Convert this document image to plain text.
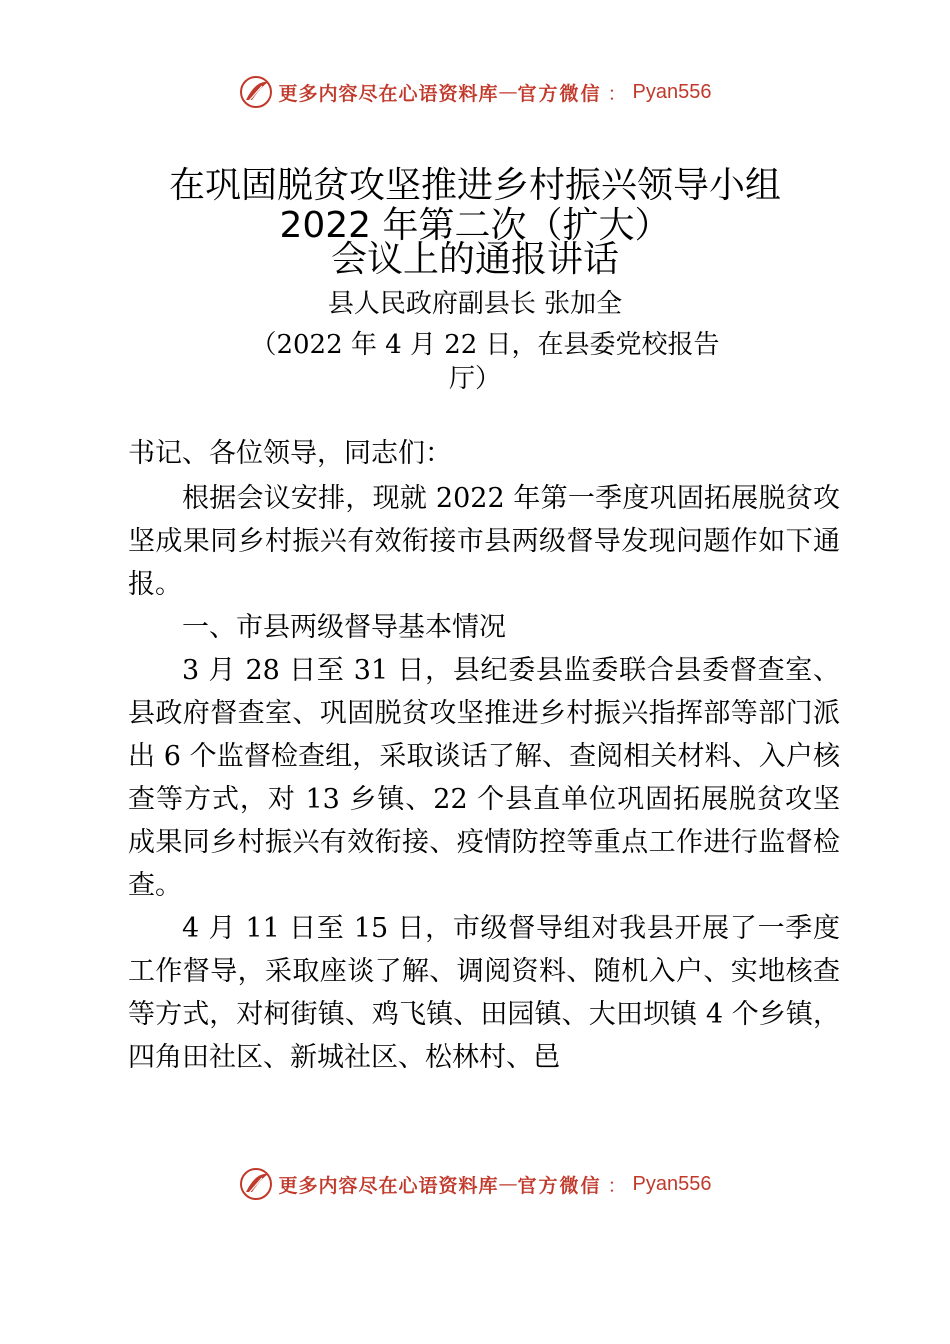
更多内容尽在心语资料库 — 官方微信 ： Pyan556
在巩固脱贫攻坚推进乡村振兴领导小组
2022 年第二次（扩大）
会议上的通报讲话
县人民政府副县长 张加全
（2022 年 4 月 22 日，在县委党校报告
厅）

书记、各位领导，同志们：

根据会议安排，现就 2022 年第一季度巩固拓展脱贫攻坚成果同乡村振兴有效衔接市县两级督导发现问题作如下通报。

一、市县两级督导基本情况

3 月 28 日至 31 日，县纪委县监委联合县委督查室、县政府督查室、巩固脱贫攻坚推进乡村振兴指挥部等部门派出 6 个监督检查组，采取谈话了解、查阅相关材料、入户核查等方式，对 13 乡镇、22 个县直单位巩固拓展脱贫攻坚成果同乡村振兴有效衔接、疫情防控等重点工作进行监督检查。

4 月 11 日至 15 日，市级督导组对我县开展了一季度工作督导，采取座谈了解、调阅资料、随机入户、实地核查等方式，对柯街镇、鸡飞镇、田园镇、大田坝镇 4 个乡镇，四角田社区、新城社区、松林村、邑

更多内容尽在心语资料库 — 官方微信 ： Pyan556
